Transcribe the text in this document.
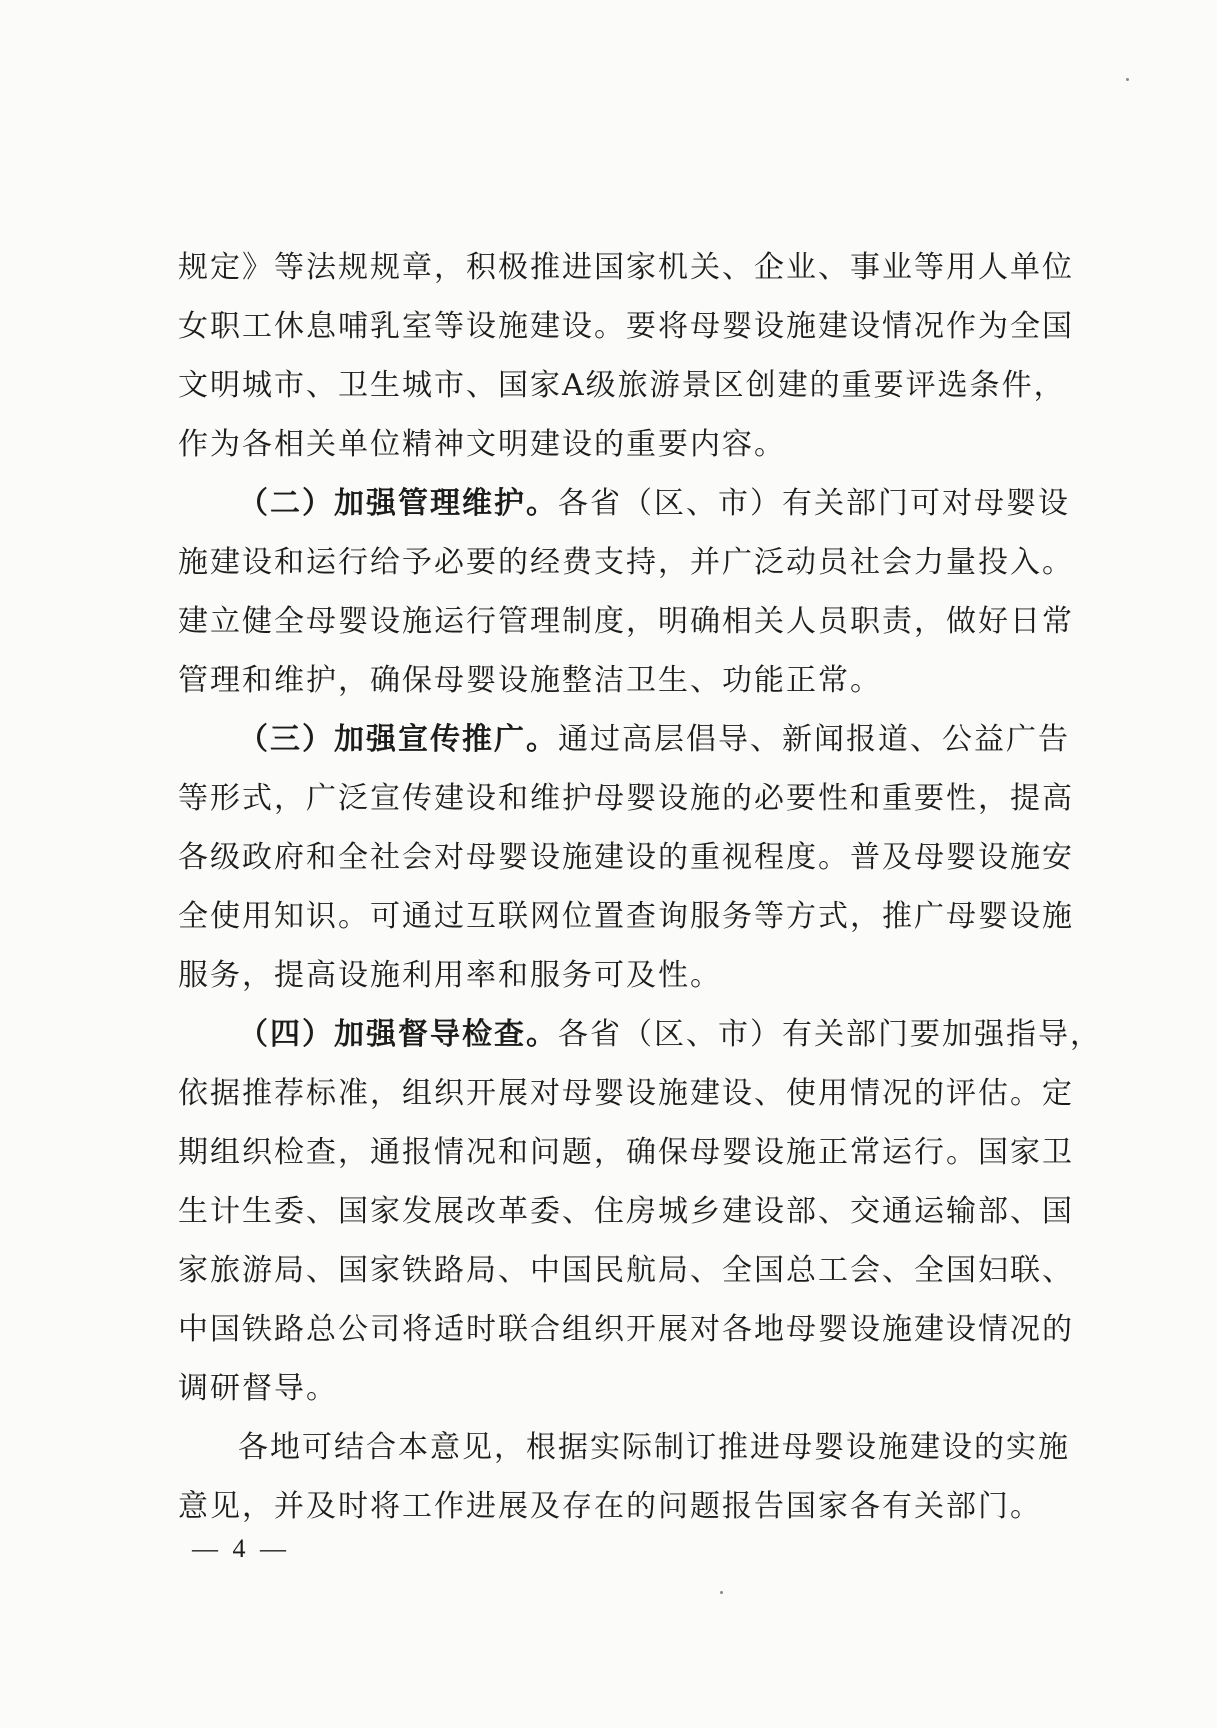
规定》等法规规章，积极推进国家机关、企业、事业等用人单位
女职工休息哺乳室等设施建设。要将母婴设施建设情况作为全国
文明城市、卫生城市、国家A级旅游景区创建的重要评选条件，
作为各相关单位精神文明建设的重要内容。
（二）加强管理维护。各省（区、市）有关部门可对母婴设
施建设和运行给予必要的经费支持，并广泛动员社会力量投入。
建立健全母婴设施运行管理制度，明确相关人员职责，做好日常
管理和维护，确保母婴设施整洁卫生、功能正常。
（三）加强宣传推广。通过高层倡导、新闻报道、公益广告
等形式，广泛宣传建设和维护母婴设施的必要性和重要性，提高
各级政府和全社会对母婴设施建设的重视程度。普及母婴设施安
全使用知识。可通过互联网位置查询服务等方式，推广母婴设施
服务，提高设施利用率和服务可及性。
（四）加强督导检查。各省（区、市）有关部门要加强指导，
依据推荐标准，组织开展对母婴设施建设、使用情况的评估。定
期组织检查，通报情况和问题，确保母婴设施正常运行。国家卫
生计生委、国家发展改革委、住房城乡建设部、交通运输部、国
家旅游局、国家铁路局、中国民航局、全国总工会、全国妇联、
中国铁路总公司将适时联合组织开展对各地母婴设施建设情况的
调研督导。
各地可结合本意见，根据实际制订推进母婴设施建设的实施
意见，并及时将工作进展及存在的问题报告国家各有关部门。
— 4 —
